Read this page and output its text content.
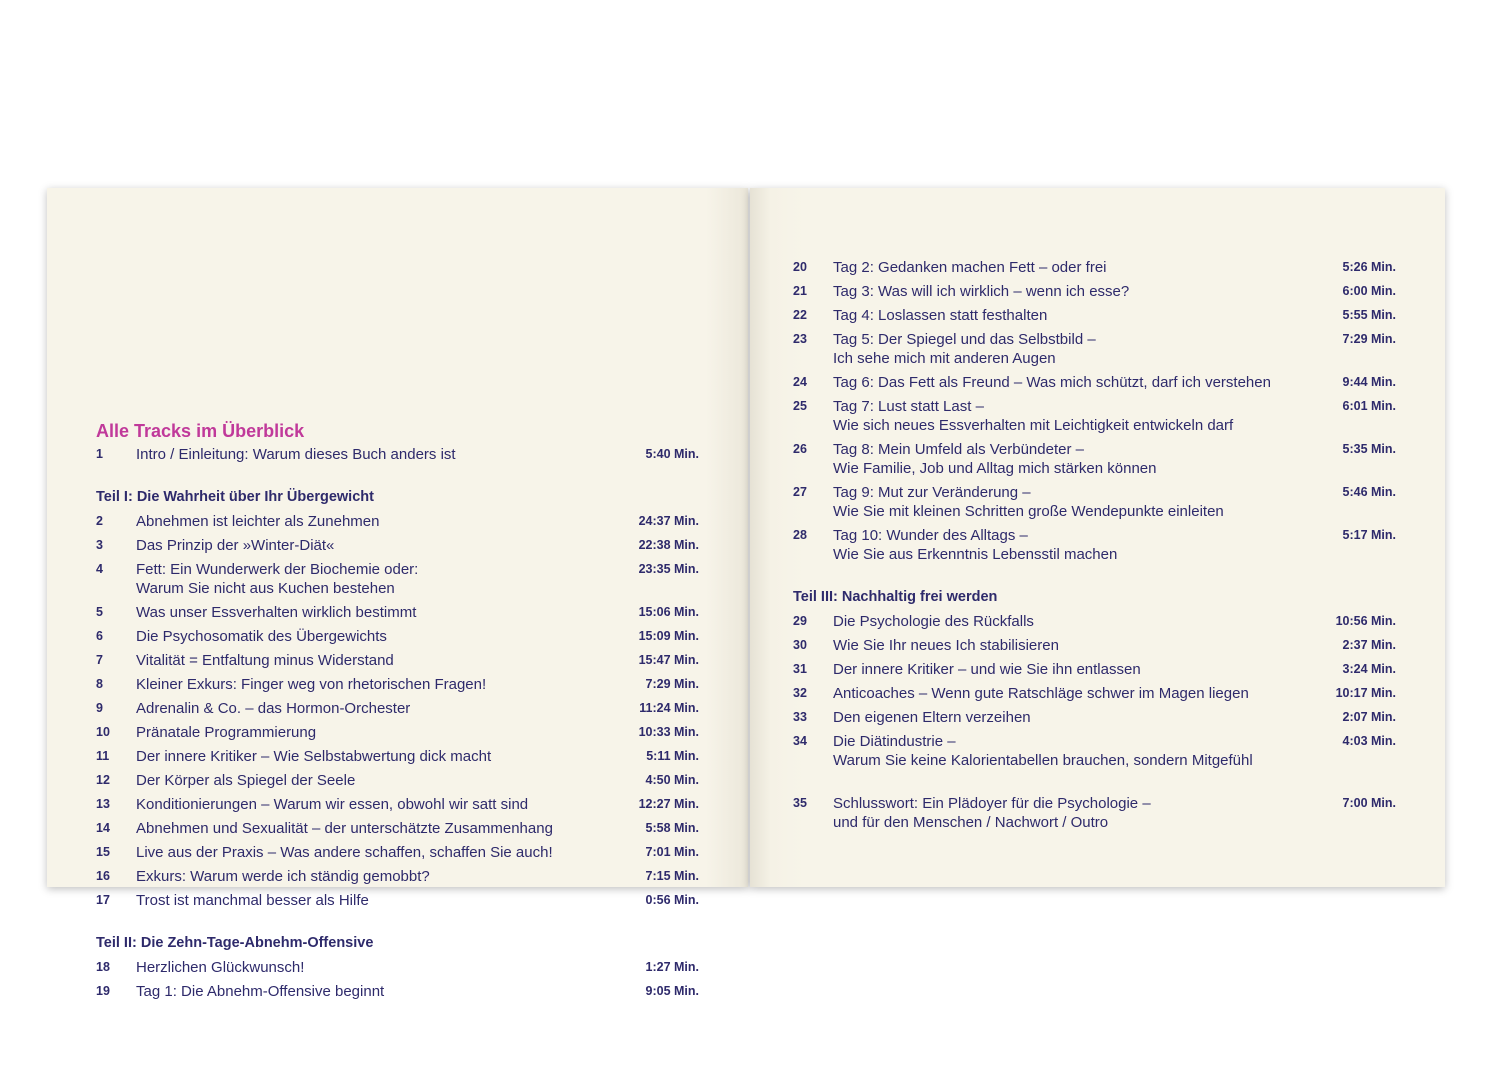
Alle Tracks im Überblick
1	Intro / Einleitung: Warum dieses Buch anders ist	5:40 Min.
Teil I: Die Wahrheit über Ihr Übergewicht
2	Abnehmen ist leichter als Zunehmen	24:37 Min.
3	Das Prinzip der »Winter-Diät«	22:38 Min.
4	Fett: Ein Wunderwerk der Biochemie oder:
Warum Sie nicht aus Kuchen bestehen
23:35 Min.
5	Was unser Essverhalten wirklich bestimmt	15:06 Min.
6	Die Psychosomatik des Übergewichts	15:09 Min.
7	Vitalität = Entfaltung minus Widerstand	15:47 Min.
8	Kleiner Exkurs: Finger weg von rhetorischen Fragen!	7:29 Min.
9	Adrenalin & Co. – das Hormon-Orchester	11:24 Min.
10	Pränatale Programmierung	10:33 Min.
11	Der innere Kritiker – Wie Selbstabwertung dick macht	5:11 Min.
12	Der Körper als Spiegel der Seele	4:50 Min.
13	Konditionierungen – Warum wir essen, obwohl wir satt sind	12:27 Min.
14	Abnehmen und Sexualität – der unterschätzte Zusammenhang	5:58 Min.
15	Live aus der Praxis – Was andere schaffen, schaffen Sie auch!	7:01 Min.
16	Exkurs: Warum werde ich ständig gemobbt?	7:15 Min.
17	Trost ist manchmal besser als Hilfe	0:56 Min.
Teil II: Die Zehn-Tage-Abnehm-Offensive
18	Herzlichen Glückwunsch!	1:27 Min.
19	Tag 1: Die Abnehm-Offensive beginnt	9:05 Min.
20	Tag 2: Gedanken machen Fett – oder frei	5:26 Min.
21	Tag 3: Was will ich wirklich – wenn ich esse?	6:00 Min.
22	Tag 4: Loslassen statt festhalten	5:55 Min.
23	Tag 5: Der Spiegel und das Selbstbild –
Ich sehe mich mit anderen Augen
7:29 Min.
24	Tag 6: Das Fett als Freund – Was mich schützt, darf ich verstehen	9:44 Min.
25	Tag 7: Lust statt Last –
Wie sich neues Essverhalten mit Leichtigkeit entwickeln darf
6:01 Min.
26	Tag 8: Mein Umfeld als Verbündeter –
Wie Familie, Job und Alltag mich stärken können
5:35 Min.
27	Tag 9: Mut zur Veränderung –
Wie Sie mit kleinen Schritten große Wendepunkte einleiten
5:46 Min.
28	Tag 10: Wunder des Alltags –
Wie Sie aus Erkenntnis Lebensstil machen
5:17 Min.
Teil III: Nachhaltig frei werden
29	Die Psychologie des Rückfalls	10:56 Min.
30	Wie Sie Ihr neues Ich stabilisieren	2:37 Min.
31	Der innere Kritiker – und wie Sie ihn entlassen	3:24 Min.
32	Anticoaches – Wenn gute Ratschläge schwer im Magen liegen	10:17 Min.
33	Den eigenen Eltern verzeihen	2:07 Min.
34	Die Diätindustrie –
Warum Sie keine Kalorientabellen brauchen, sondern Mitgefühl
4:03 Min.
35	Schlusswort: Ein Plädoyer für die Psychologie –
und für den Menschen / Nachwort / Outro
7:00 Min.
